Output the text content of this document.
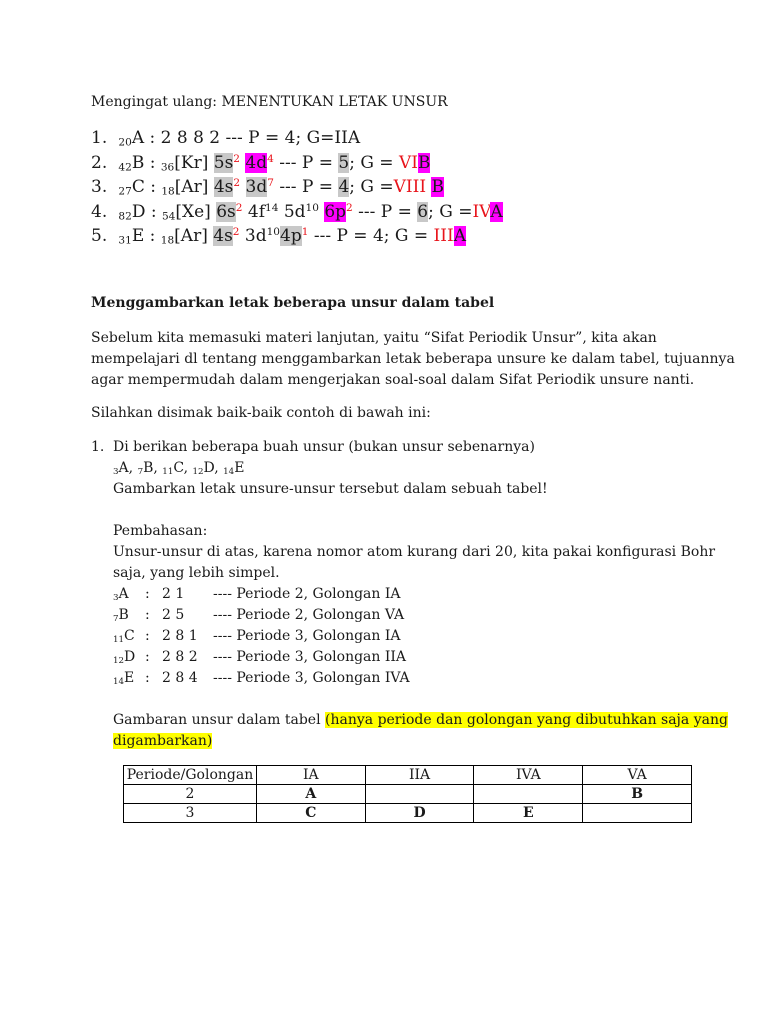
Mengingat ulang: MENENTUKAN LETAK UNSUR
1. $_{20}$A : 2 8 8 2 --- P = 4; G=IIA
2. $_{42}$B : $_{36}$[Kr] $5s^2$ $4d^4$ --- P = 5; G = VIB
3. $_{27}$C : $_{18}$[Ar] $4s^2$ $3d^7$ --- P = 4; G =VIII B
4. $_{82}$D : $_{54}$[Xe] $6s^2$ $4f^{14}$ $5d^{10}$ $6p^2$ --- P = 6; G =IVA
5. $_{31}$E : $_{18}$[Ar] $4s^2$ $3d^{10}4p^1$ --- P = 4; G = IIIA
Menggambarkan letak beberapa unsur dalam tabel
Sebelum kita memasuki materi lanjutan, yaitu “Sifat Periodik Unsur”, kita akan
mempelajari dl tentang menggambarkan letak beberapa unsure ke dalam tabel, tujuannya
agar mempermudah dalam mengerjakan soal-soal dalam Sifat Periodik unsure nanti.
Silahkan disimak baik-baik contoh di bawah ini:
1. Di berikan beberapa buah unsur (bukan unsur sebenarnya)
$_3$A, $_7$B, $_{11}$C, $_{12}$D, $_{14}$E
Gambarkan letak unsure-unsur tersebut dalam sebuah tabel!
Pembahasan:
Unsur-unsur di atas, karena nomor atom kurang dari 20, kita pakai konfigurasi Bohr
saja, yang lebih simpel.
$_3$A : 2 1 ---- Periode 2, Golongan IA
$_7$B : 2 5 ---- Periode 2, Golongan VA
$_{11}$C : 2 8 1 ---- Periode 3, Golongan IA
$_{12}$D : 2 8 2 ---- Periode 3, Golongan IIA
$_{14}$E : 2 8 4 ---- Periode 3, Golongan IVA
Gambaran unsur dalam tabel (hanya periode dan golongan yang dibutuhkan saja yang
digambarkan)
Periode/Golongan	IA	IIA	IVA	VA
2	A			B
3	C	D	E	
